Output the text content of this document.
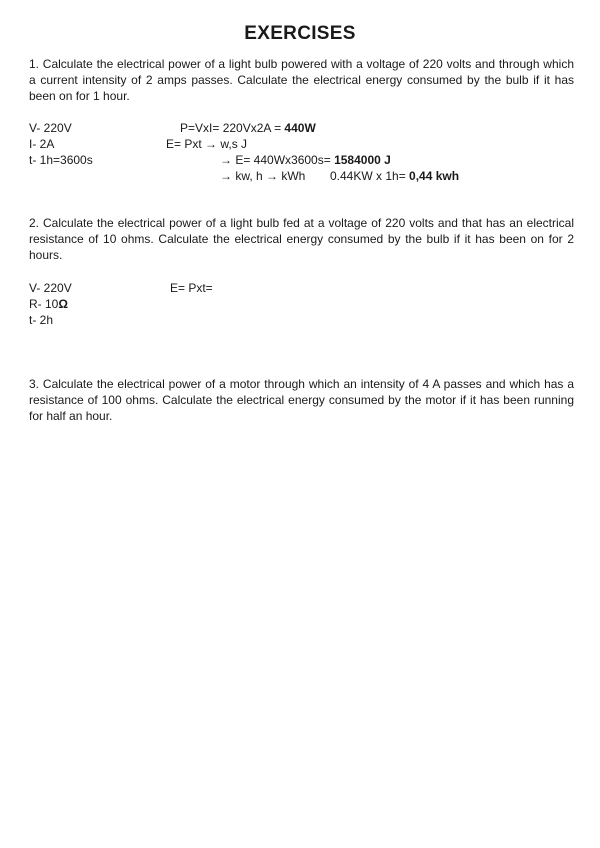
EXERCISES
1. Calculate the electrical power of a light bulb powered with a voltage of 220 volts and through which a current intensity of 2 amps passes. Calculate the electrical energy consumed by the bulb if it has been on for 1 hour.
V- 220V
I- 2A
t- 1h=3600s
P=VxI= 220Vx2A = 440W
E= Pxt → w,s J
→ E= 440Wx3600s= 1584000 J
→ kw, h → kWh 0.44KW x 1h= 0,44 kwh
2. Calculate the electrical power of a light bulb fed at a voltage of 220 volts and that has an electrical resistance of 10 ohms. Calculate the electrical energy consumed by the bulb if it has been on for 2 hours.
V- 220V
R- 10Ω
t- 2h
E= Pxt=
3. Calculate the electrical power of a motor through which an intensity of 4 A passes and which has a resistance of 100 ohms. Calculate the electrical energy consumed by the motor if it has been running for half an hour.
